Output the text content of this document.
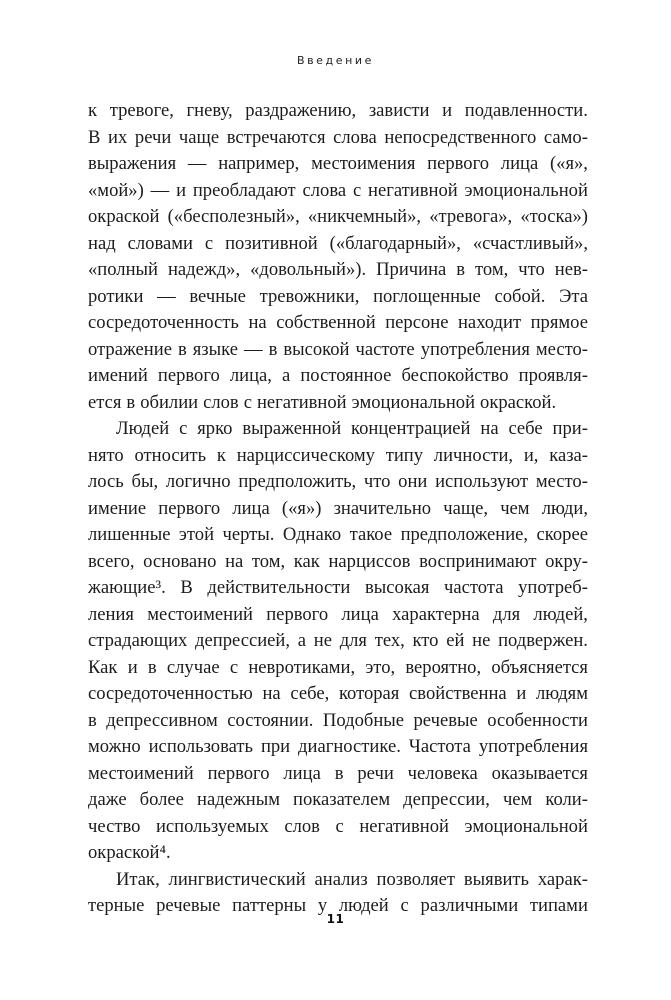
Введение
к тревоге, гневу, раздражению, зависти и подавленности.
В их речи чаще встречаются слова непосредственного само-
выражения — например, местоимения первого лица («я»,
«мой») — и преобладают слова с негативной эмоциональной
окраской («бесполезный», «никчемный», «тревога», «тоска»)
над словами с позитивной («благодарный», «счастливый»,
«полный надежд», «довольный»). Причина в том, что нев-
ротики — вечные тревожники, поглощенные собой. Эта
сосредоточенность на собственной персоне находит прямое
отражение в языке — в высокой частоте употребления место-
имений первого лица, а постоянное беспокойство проявля-
ется в обилии слов с негативной эмоциональной окраской.
Людей с ярко выраженной концентрацией на себе при-
нято относить к нарциссическому типу личности, и, каза-
лось бы, логично предположить, что они используют место-
имение первого лица («я») значительно чаще, чем люди,
лишенные этой черты. Однако такое предположение, скорее
всего, основано на том, как нарциссов воспринимают окру-
жающие³. В действительности высокая частота употреб-
ления местоимений первого лица характерна для людей,
страдающих депрессией, а не для тех, кто ей не подвержен.
Как и в случае с невротиками, это, вероятно, объясняется
сосредоточенностью на себе, которая свойственна и людям
в депрессивном состоянии. Подобные речевые особенности
можно использовать при диагностике. Частота употребления
местоимений первого лица в речи человека оказывается
даже более надежным показателем депрессии, чем коли-
чество используемых слов с негативной эмоциональной
окраской⁴.
Итак, лингвистический анализ позволяет выявить харак-
терные речевые паттерны у людей с различными типами
11
